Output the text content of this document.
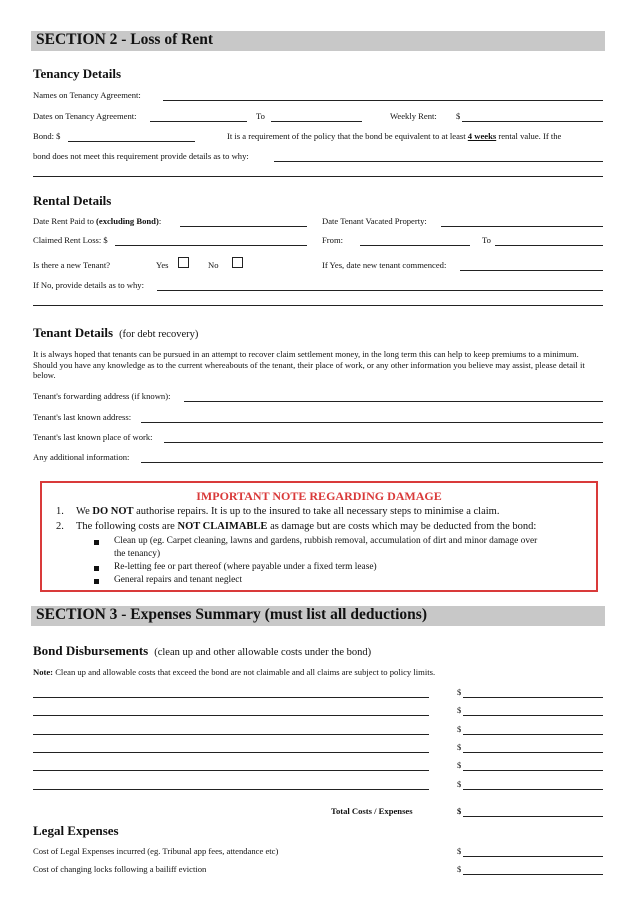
SECTION 2 - Loss of Rent
Tenancy Details
Names on Tenancy Agreement:
Dates on Tenancy Agreement:	To	Weekly Rent: $
Bond: $	It is a requirement of the policy that the bond be equivalent to at least 4 weeks rental value. If the
bond does not meet this requirement provide details as to why:
Rental Details
Date Rent Paid to (excluding Bond):	Date Tenant Vacated Property:
Claimed Rent Loss: $	From:	To
Is there a new Tenant?	Yes	No	If Yes, date new tenant commenced:
If No, provide details as to why:
Tenant Details (for debt recovery)
It is always hoped that tenants can be pursued in an attempt to recover claim settlement money, in the long term this can help to keep premiums to a minimum. Should you have any knowledge as to the current whereabouts of the tenant, their place of work, or any other information you believe may assist, please detail it below.
Tenant's forwarding address (if known):
Tenant's last known address:
Tenant's last known place of work:
Any additional information:
IMPORTANT NOTE REGARDING DAMAGE
1. We DO NOT authorise repairs. It is up to the insured to take all necessary steps to minimise a claim.
2. The following costs are NOT CLAIMABLE as damage but are costs which may be deducted from the bond:
Clean up (eg. Carpet cleaning, lawns and gardens, rubbish removal, accumulation of dirt and minor damage over
the tenancy)
Re-letting fee or part thereof (where payable under a fixed term lease)
General repairs and tenant neglect
SECTION 3 - Expenses Summary (must list all deductions)
Bond Disbursements (clean up and other allowable costs under the bond)
Note: Clean up and allowable costs that exceed the bond are not claimable and all claims are subject to policy limits.
$
$
$
$
$
$
Total Costs / Expenses	$
Legal Expenses
Cost of Legal Expenses incurred (eg. Tribunal app fees, attendance etc)	$
Cost of changing locks following a bailiff eviction	$
